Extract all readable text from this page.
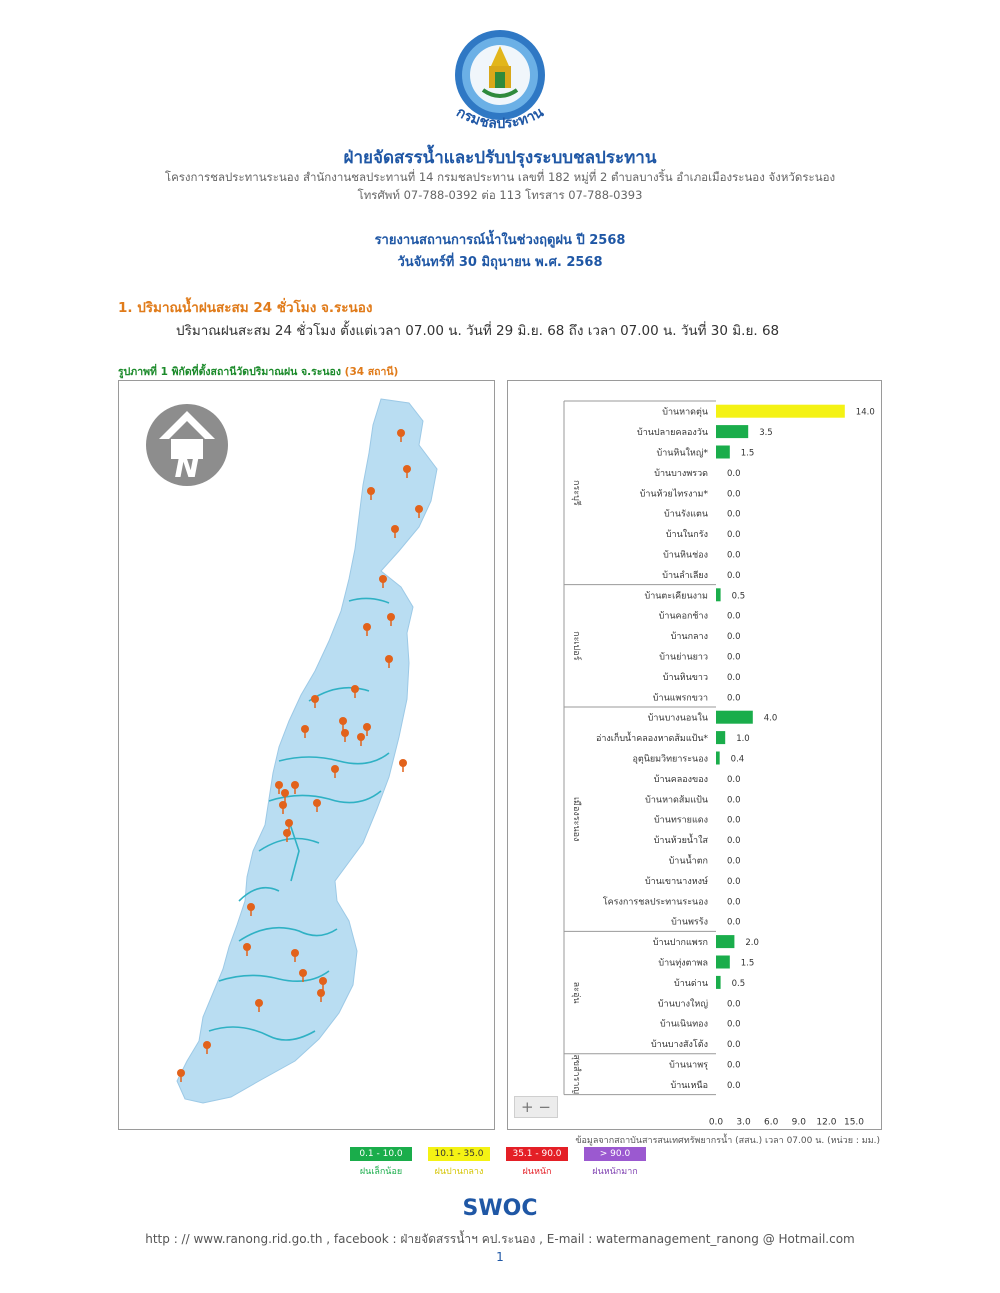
กรมชลประทาน
ฝ่ายจัดสรรน้ำและปรับปรุงระบบชลประทาน
โครงการชลประทานระนอง สำนักงานชลประทานที่ 14 กรมชลประทาน เลขที่ 182 หมู่ที่ 2 ตำบลบางริ้น อำเภอเมืองระนอง จังหวัดระนอง
โทรศัพท์ 07-788-0392 ต่อ 113 โทรสาร 07-788-0393
รายงานสถานการณ์น้ำในช่วงฤดูฝน ปี 2568
วันจันทร์ที่ 30 มิถุนายน พ.ศ. 2568
1. ปริมาณน้ำฝนสะสม 24 ชั่วโมง จ.ระนอง
ปริมาณฝนสะสม 24 ชั่วโมง ตั้งแต่เวลา 07.00 น. วันที่ 29 มิ.ย. 68 ถึง เวลา 07.00 น. วันที่ 30 มิ.ย. 68
รูปภาพที่ 1 พิกัดที่ตั้งสถานีวัดปริมาณฝน จ.ระนอง (34 สถานี)
N
บ้านหาดตุ่น	14.0
บ้านปลายคลองวัน	3.5
บ้านหินใหญ่*	1.5
บ้านบางพรวด 0.0
บ้านห้วยไทรงาม* 0.0
บ้านรังแตน 0.0
บ้านในกรัง 0.0
บ้านหินช่อง 0.0
บ้านลำเลียง 0.0
กระบุรี
บ้านตะเคียนงาม	0.5
บ้านคอกช้าง 0.0
บ้านกลาง 0.0
บ้านย่านยาว 0.0
บ้านหินขาว 0.0
บ้านแพรกขวา 0.0
กะเปอร์
บ้านบางนอนใน	4.0
อ่างเก็บน้ำคลองหาดส้มแป้น*	1.0
อุตุนิยมวิทยาระนอง	0.4
บ้านคลองของ 0.0
บ้านหาดส้มแป้น 0.0
บ้านทรายแดง 0.0
บ้านห้วยน้ำใส 0.0
บ้านน้ำตก 0.0
บ้านเขานางหงษ์ 0.0
โครงการชลประทานระนอง 0.0
บ้านพรร้ง 0.0
เมืองระนอง
บ้านปากแพรก	2.0
บ้านทุ่งตาพล	1.5
บ้านด่าน	0.5
บ้านบางใหญ่ 0.0
บ้านเนินทอง 0.0
บ้านบางสังโต้ง 0.0
ละอุ่น
บ้านนาพรุ 0.0
บ้านเหนือ 0.0
สุขสำราญ
0.0 3.0 6.0 9.0 12.0 15.0
+ −
ข้อมูลจากสถาบันสารสนเทศทรัพยากรน้ำ (สสน.) เวลา 07.00 น. (หน่วย : มม.)
0.1 - 10.0
ฝนเล็กน้อย
10.1 - 35.0
ฝนปานกลาง
35.1 - 90.0
ฝนหนัก
> 90.0
ฝนหนักมาก
SWOC
http : // www.ranong.rid.go.th , facebook : ฝ่ายจัดสรรน้ำฯ คป.ระนอง , E-mail : watermanagement_ranong @ Hotmail.com
1
